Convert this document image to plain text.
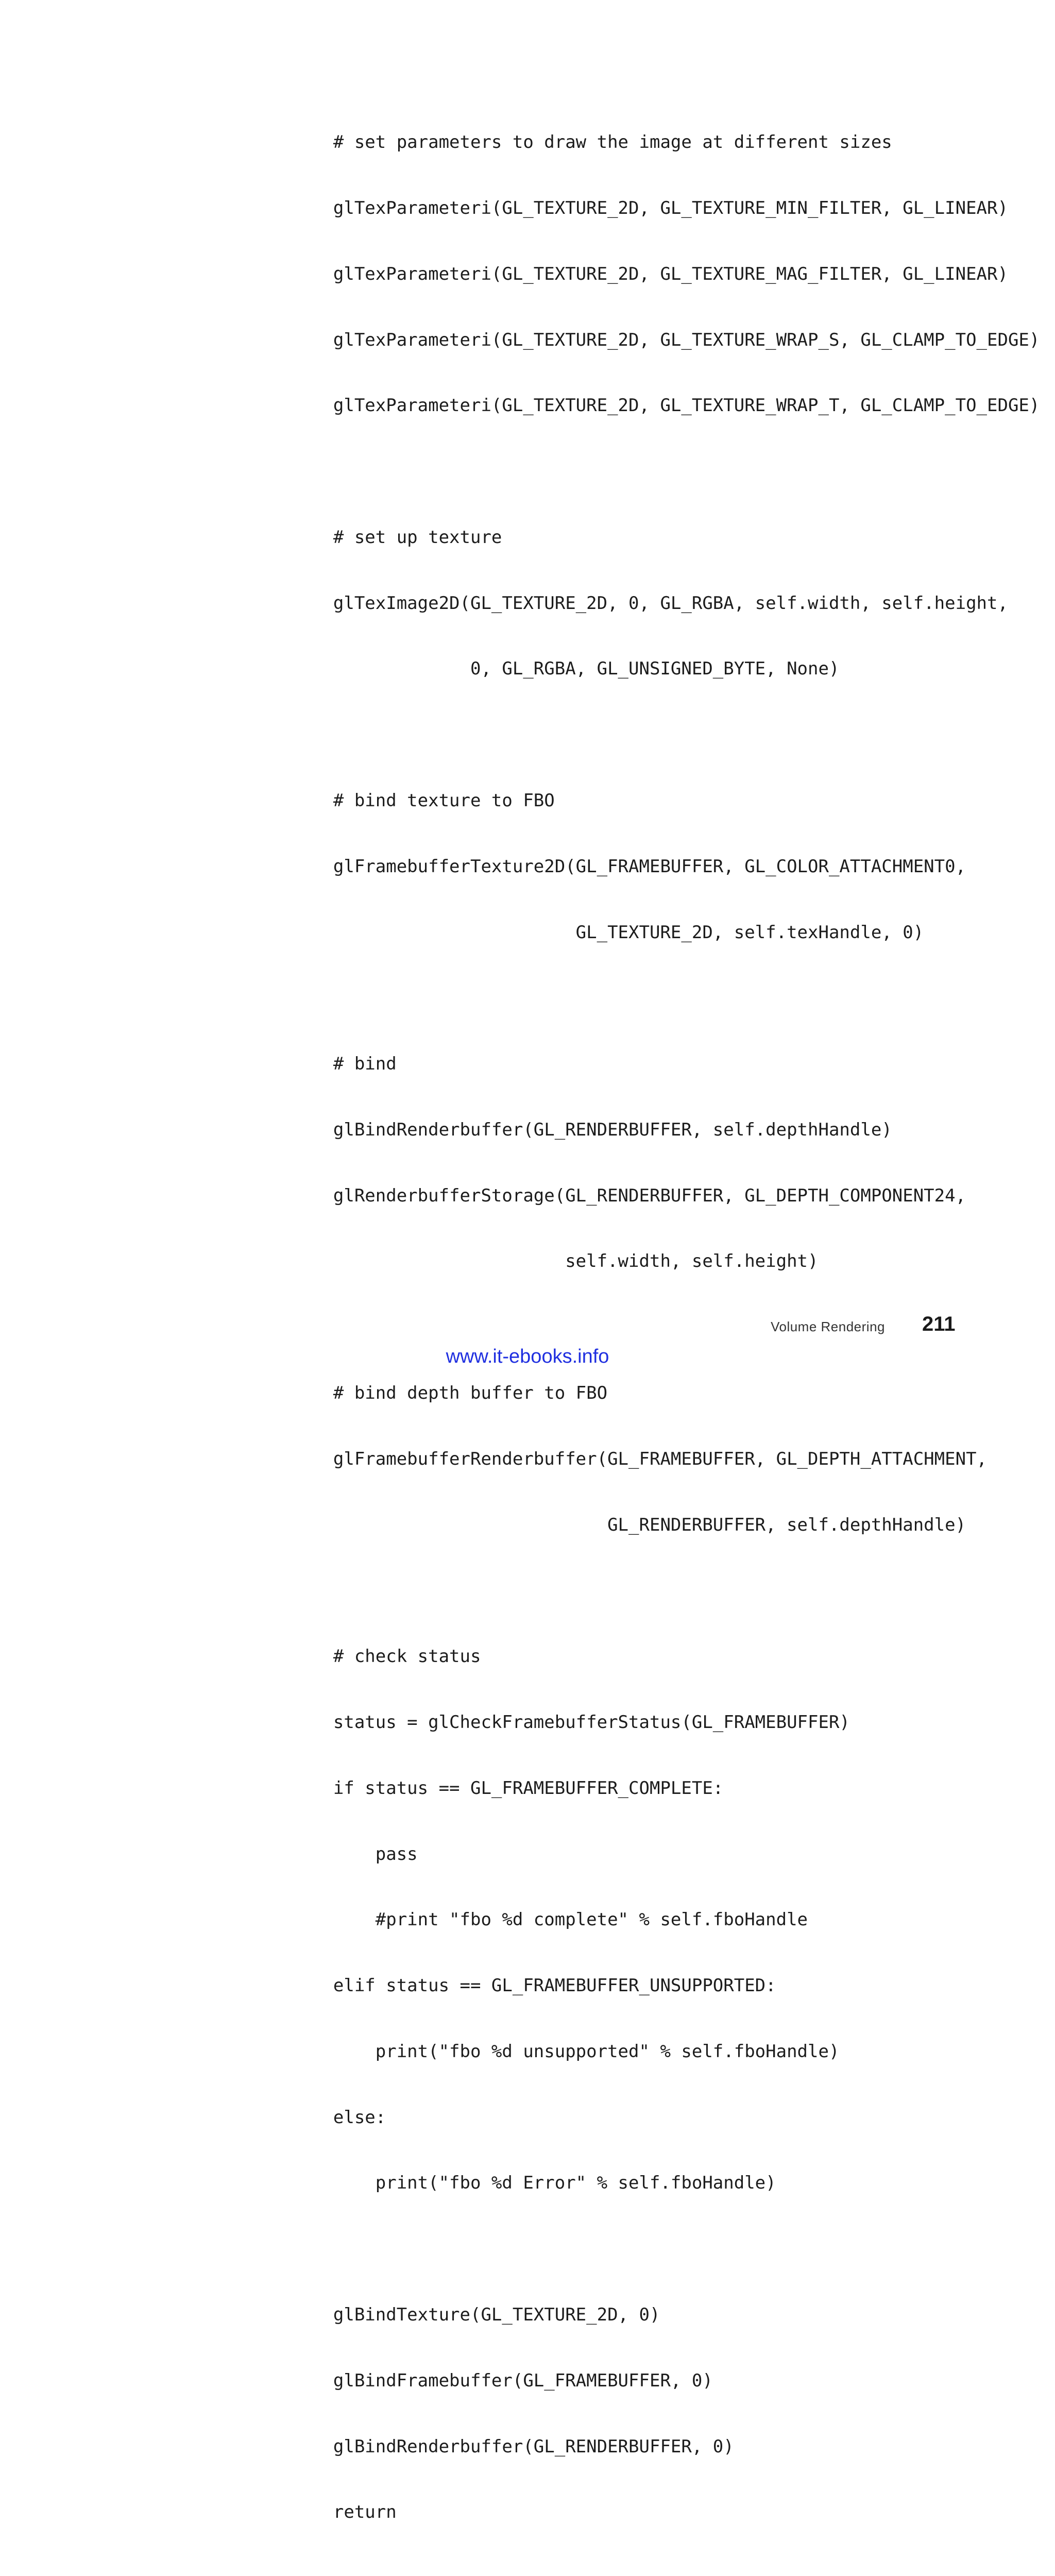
# set parameters to draw the image at different sizes

glTexParameteri(GL_TEXTURE_2D, GL_TEXTURE_MIN_FILTER, GL_LINEAR)

glTexParameteri(GL_TEXTURE_2D, GL_TEXTURE_MAG_FILTER, GL_LINEAR)

glTexParameteri(GL_TEXTURE_2D, GL_TEXTURE_WRAP_S, GL_CLAMP_TO_EDGE)

glTexParameteri(GL_TEXTURE_2D, GL_TEXTURE_WRAP_T, GL_CLAMP_TO_EDGE)

# set up texture

glTexImage2D(GL_TEXTURE_2D, 0, GL_RGBA, self.width, self.height,

0, GL_RGBA, GL_UNSIGNED_BYTE, None)

# bind texture to FBO

glFramebufferTexture2D(GL_FRAMEBUFFER, GL_COLOR_ATTACHMENT0,

GL_TEXTURE_2D, self.texHandle, 0)

# bind

glBindRenderbuffer(GL_RENDERBUFFER, self.depthHandle)

glRenderbufferStorage(GL_RENDERBUFFER, GL_DEPTH_COMPONENT24,

self.width, self.height)

# bind depth buffer to FBO

glFramebufferRenderbuffer(GL_FRAMEBUFFER, GL_DEPTH_ATTACHMENT,

GL_RENDERBUFFER, self.depthHandle)

# check status

status = glCheckFramebufferStatus(GL_FRAMEBUFFER)

if status == GL_FRAMEBUFFER_COMPLETE:

pass

#print "fbo %d complete" % self.fboHandle

elif status == GL_FRAMEBUFFER_UNSUPPORTED:

print("fbo %d unsupported" % self.fboHandle)

else:

print("fbo %d Error" % self.fboHandle)

glBindTexture(GL_TEXTURE_2D, 0)

glBindFramebuffer(GL_FRAMEBUFFER, 0)

glBindRenderbuffer(GL_RENDERBUFFER, 0)

return

Volume Rendering 211
www.it-ebooks.info
